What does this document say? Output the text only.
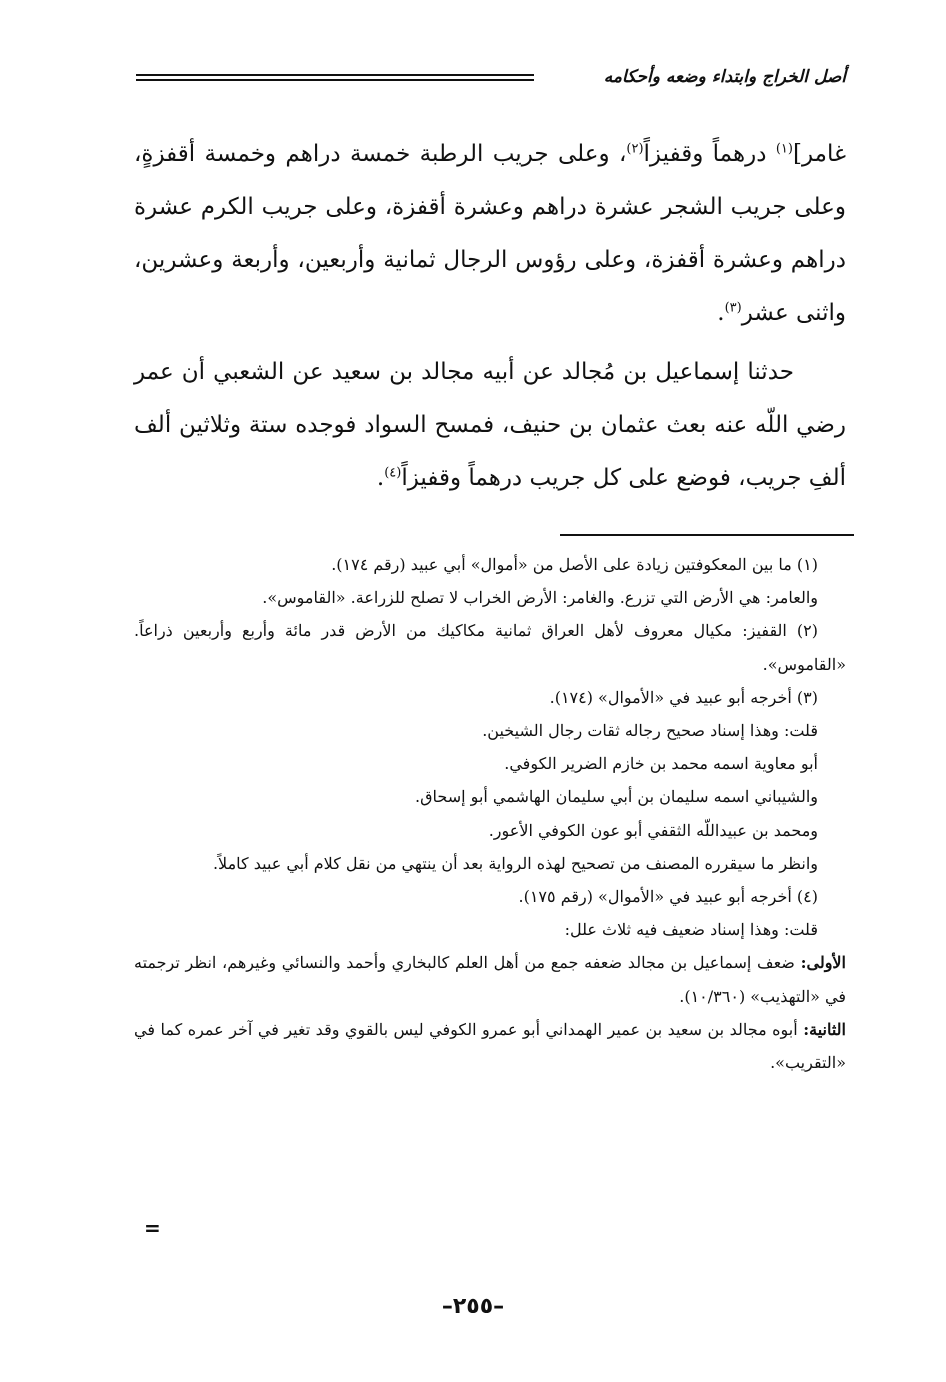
أصل الخراج وابتداء وضعه وأحكامه

غامر]$^{(١)}$ درهماً وقفيزاً$^{(٢)}$، وعلى جريب الرطبة خمسة دراهم وخمسة أقفزةٍ، وعلى جريب الشجر عشرة دراهم وعشرة أقفزة، وعلى جريب الكرم عشرة دراهم وعشرة أقفزة، وعلى رؤوس الرجال ثمانية وأربعين، وأربعة وعشرين، واثنى عشر$^{(٣)}$.

حدثنا إسماعيل بن مُجالد عن أبيه مجالد بن سعيد عن الشعبي أن عمر رضي اللّه عنه بعث عثمان بن حنيف، فمسح السواد فوجده ستة وثلاثين ألف ألفِ جريب، فوضع على كل جريب درهماً وقفيزاً$^{(٤)}$.

(١) ما بين المعكوفتين زيادة على الأصل من «أموال» أبي عبيد (رقم ١٧٤).

والعامر: هي الأرض التي تزرع. والغامر: الأرض الخراب لا تصلح للزراعة. «القاموس».

(٢) القفيز: مكيال معروف لأهل العراق ثمانية مكاكيك من الأرض قدر مائة وأربع وأربعين ذراعاً. «القاموس».

(٣) أخرجه أبو عبيد في «الأموال» (١٧٤).

قلت: وهذا إسناد صحيح رجاله ثقات رجال الشيخين.

أبو معاوية اسمه محمد بن خازم الضرير الكوفي.

والشيباني اسمه سليمان بن أبي سليمان الهاشمي أبو إسحاق.

ومحمد بن عبيداللّه الثقفي أبو عون الكوفي الأعور.

وانظر ما سيقرره المصنف من تصحيح لهذه الرواية بعد أن ينتهي من نقل كلام أبي عبيد كاملاً.

(٤) أخرجه أبو عبيد في «الأموال» (رقم ١٧٥).

قلت: وهذا إسناد ضعيف فيه ثلاث علل:

الأولى: ضعف إسماعيل بن مجالد ضعفه جمع من أهل العلم كالبخاري وأحمد والنسائي وغيرهم، انظر ترجمته في «التهذيب» (١٠/٣٦٠).

الثانية: أبوه مجالد بن سعيد بن عمير الهمداني أبو عمرو الكوفي ليس بالقوي وقد تغير في آخر عمره كما في «التقريب».

=
–٢٥٥–
